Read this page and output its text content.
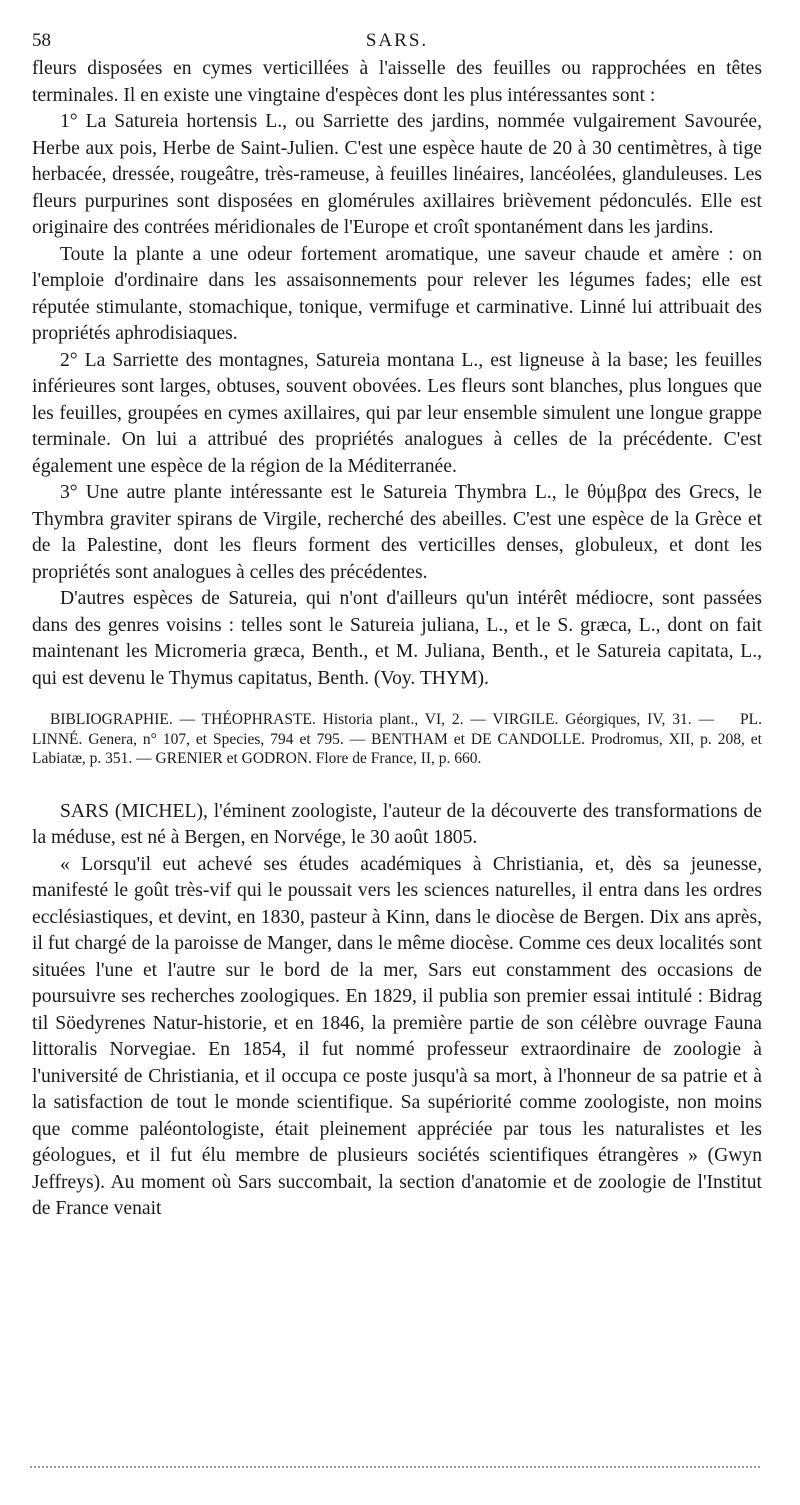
58	SARS.

fleurs disposées en cymes verticillées à l'aisselle des feuilles ou rapprochées en têtes terminales. Il en existe une vingtaine d'espèces dont les plus intéressantes sont :

1° La Satureia hortensis L., ou Sarriette des jardins, nommée vulgairement Savourée, Herbe aux pois, Herbe de Saint-Julien. C'est une espèce haute de 20 à 30 centimètres, à tige herbacée, dressée, rougeâtre, très-rameuse, à feuilles linéaires, lancéolées, glanduleuses. Les fleurs purpurines sont disposées en glomérules axillaires brièvement pédonculés. Elle est originaire des contrées méridionales de l'Europe et croît spontanément dans les jardins.

Toute la plante a une odeur fortement aromatique, une saveur chaude et amère : on l'emploie d'ordinaire dans les assaisonnements pour relever les légumes fades; elle est réputée stimulante, stomachique, tonique, vermifuge et carminative. Linné lui attribuait des propriétés aphrodisiaques.

2° La Sarriette des montagnes, Satureia montana L., est ligneuse à la base; les feuilles inférieures sont larges, obtuses, souvent obovées. Les fleurs sont blanches, plus longues que les feuilles, groupées en cymes axillaires, qui par leur ensemble simulent une longue grappe terminale. On lui a attribué des propriétés analogues à celles de la précédente. C'est également une espèce de la région de la Méditerranée.

3° Une autre plante intéressante est le Satureia Thymbra L., le θύμβρα des Grecs, le Thymbra graviter spirans de Virgile, recherché des abeilles. C'est une espèce de la Grèce et de la Palestine, dont les fleurs forment des verticilles denses, globuleux, et dont les propriétés sont analogues à celles des précédentes.

D'autres espèces de Satureia, qui n'ont d'ailleurs qu'un intérêt médiocre, sont passées dans des genres voisins : telles sont le Satureia juliana, L., et le S. græca, L., dont on fait maintenant les Micromeria græca, Benth., et M. Juliana, Benth., et le Satureia capitata, L., qui est devenu le Thymus capitatus, Benth. (Voy. THYM).

PL.
BIBLIOGRAPHIE. — THÉOPHRASTE. Historia plant., VI, 2. — VIRGILE. Géorgiques, IV, 31. — LINNÉ. Genera, n° 107, et Species, 794 et 795. — BENTHAM et DE CANDOLLE. Prodromus, XII, p. 208, et Labiatæ, p. 351. — GRENIER et GODRON. Flore de France, II, p. 660.

SARS (MICHEL), l'éminent zoologiste, l'auteur de la découverte des transformations de la méduse, est né à Bergen, en Norvége, le 30 août 1805.

« Lorsqu'il eut achevé ses études académiques à Christiania, et, dès sa jeunesse, manifesté le goût très-vif qui le poussait vers les sciences naturelles, il entra dans les ordres ecclésiastiques, et devint, en 1830, pasteur à Kinn, dans le diocèse de Bergen. Dix ans après, il fut chargé de la paroisse de Manger, dans le même diocèse. Comme ces deux localités sont situées l'une et l'autre sur le bord de la mer, Sars eut constamment des occasions de poursuivre ses recherches zoologiques. En 1829, il publia son premier essai intitulé : Bidrag til Söedyrenes Natur-historie, et en 1846, la première partie de son célèbre ouvrage Fauna littoralis Norvegiae. En 1854, il fut nommé professeur extraordinaire de zoologie à l'université de Christiania, et il occupa ce poste jusqu'à sa mort, à l'honneur de sa patrie et à la satisfaction de tout le monde scientifique. Sa supériorité comme zoologiste, non moins que comme paléontologiste, était pleinement appréciée par tous les naturalistes et les géologues, et il fut élu membre de plusieurs sociétés scientifiques étrangères » (Gwyn Jeffreys). Au moment où Sars succombait, la section d'anatomie et de zoologie de l'Institut de France venait
